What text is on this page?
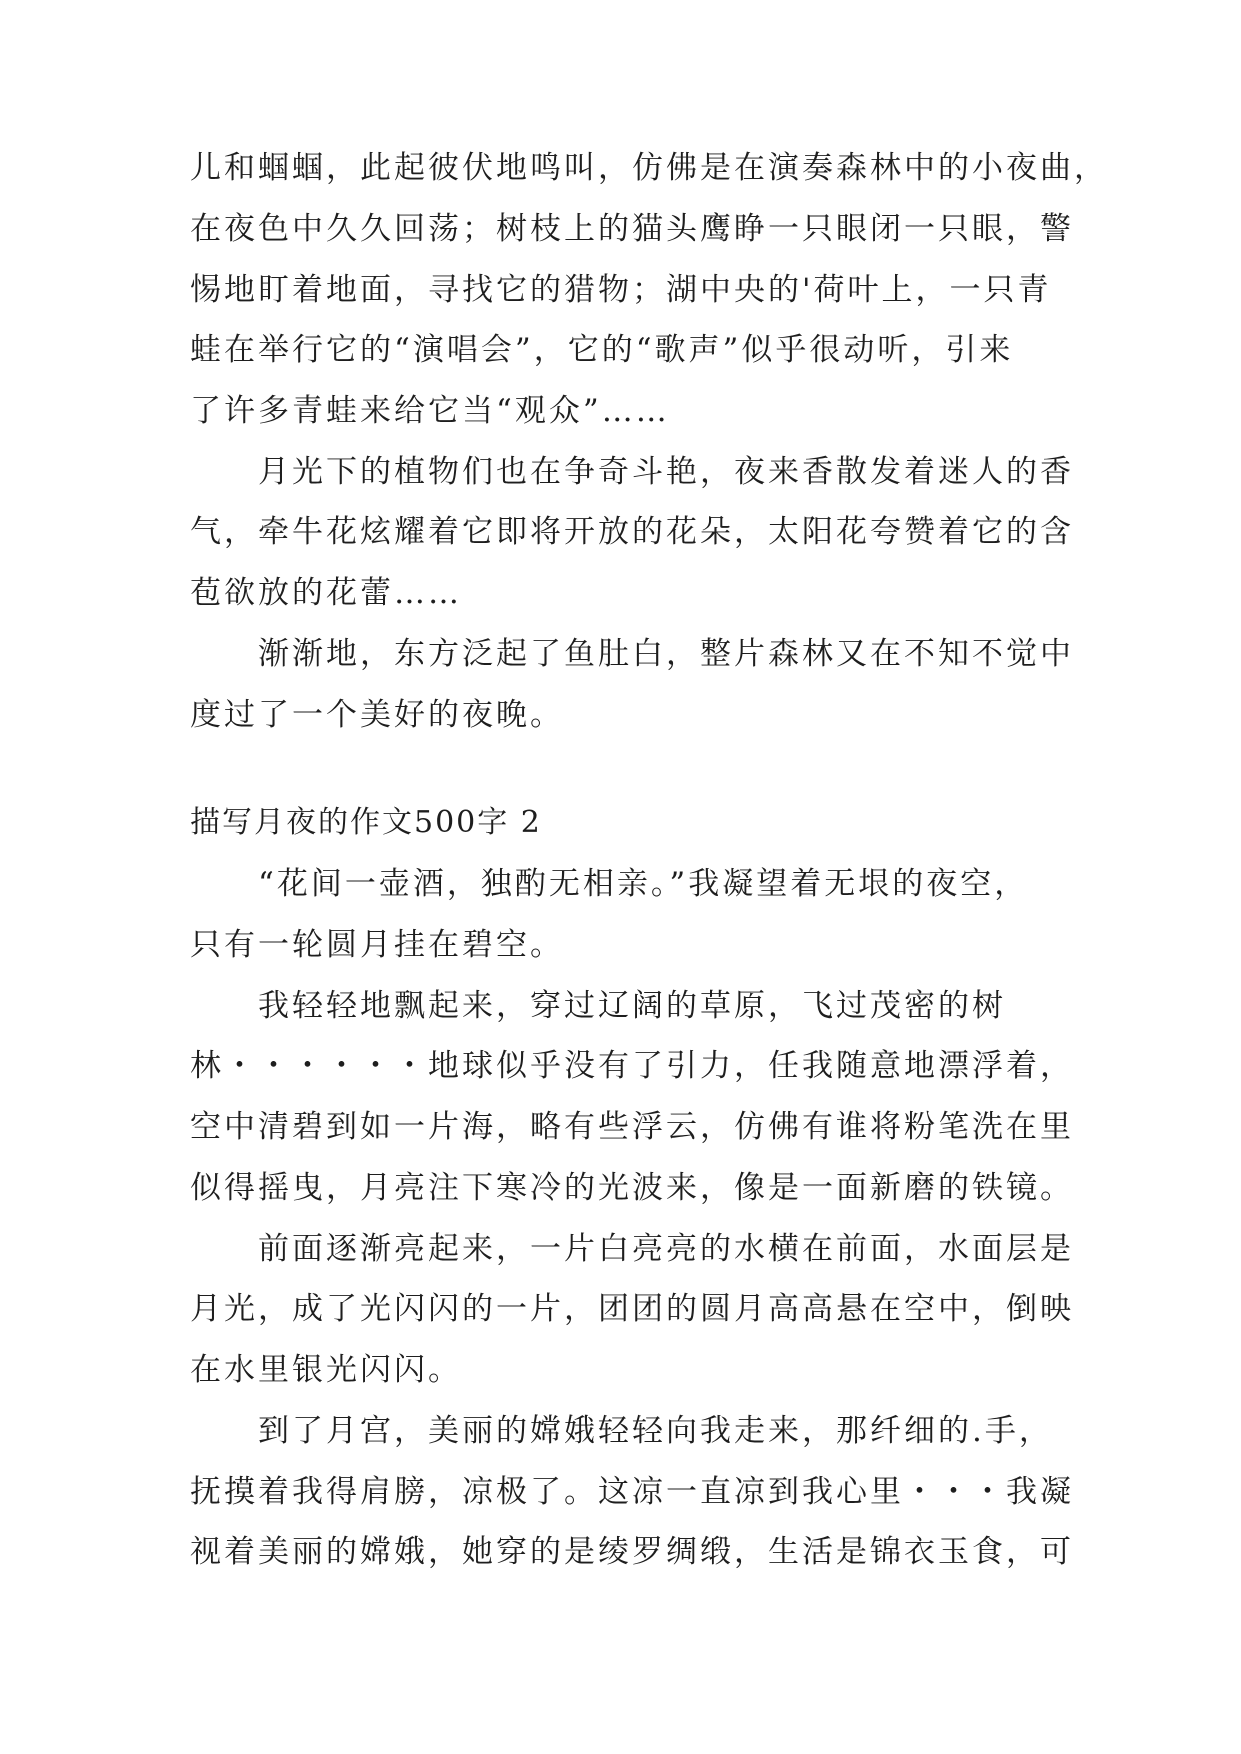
儿和蝈蝈，此起彼伏地鸣叫，仿佛是在演奏森林中的小夜曲，
在夜色中久久回荡；树枝上的猫头鹰睁一只眼闭一只眼，警
惕地盯着地面，寻找它的猎物；湖中央的'荷叶上，一只青
蛙在举行它的“演唱会”，它的“歌声”似乎很动听，引来
了许多青蛙来给它当“观众”……
　　月光下的植物们也在争奇斗艳，夜来香散发着迷人的香
气，牵牛花炫耀着它即将开放的花朵，太阳花夸赞着它的含
苞欲放的花蕾……
　　渐渐地，东方泛起了鱼肚白，整片森林又在不知不觉中
度过了一个美好的夜晚。
描写月夜的作文500字 2
　　“花间一壶酒，独酌无相亲。”我凝望着无垠的夜空，
只有一轮圆月挂在碧空。
　　我轻轻地飘起来，穿过辽阔的草原，飞过茂密的树
林・・・・・・地球似乎没有了引力，任我随意地漂浮着，
空中清碧到如一片海，略有些浮云，仿佛有谁将粉笔洗在里
似得摇曳，月亮注下寒冷的光波来，像是一面新磨的铁镜。
　　前面逐渐亮起来，一片白亮亮的水横在前面，水面层是
月光，成了光闪闪的一片，团团的圆月高高悬在空中，倒映
在水里银光闪闪。
　　到了月宫，美丽的嫦娥轻轻向我走来，那纤细的.手，
抚摸着我得肩膀，凉极了。这凉一直凉到我心里・・・我凝
视着美丽的嫦娥，她穿的是绫罗绸缎，生活是锦衣玉食，可
